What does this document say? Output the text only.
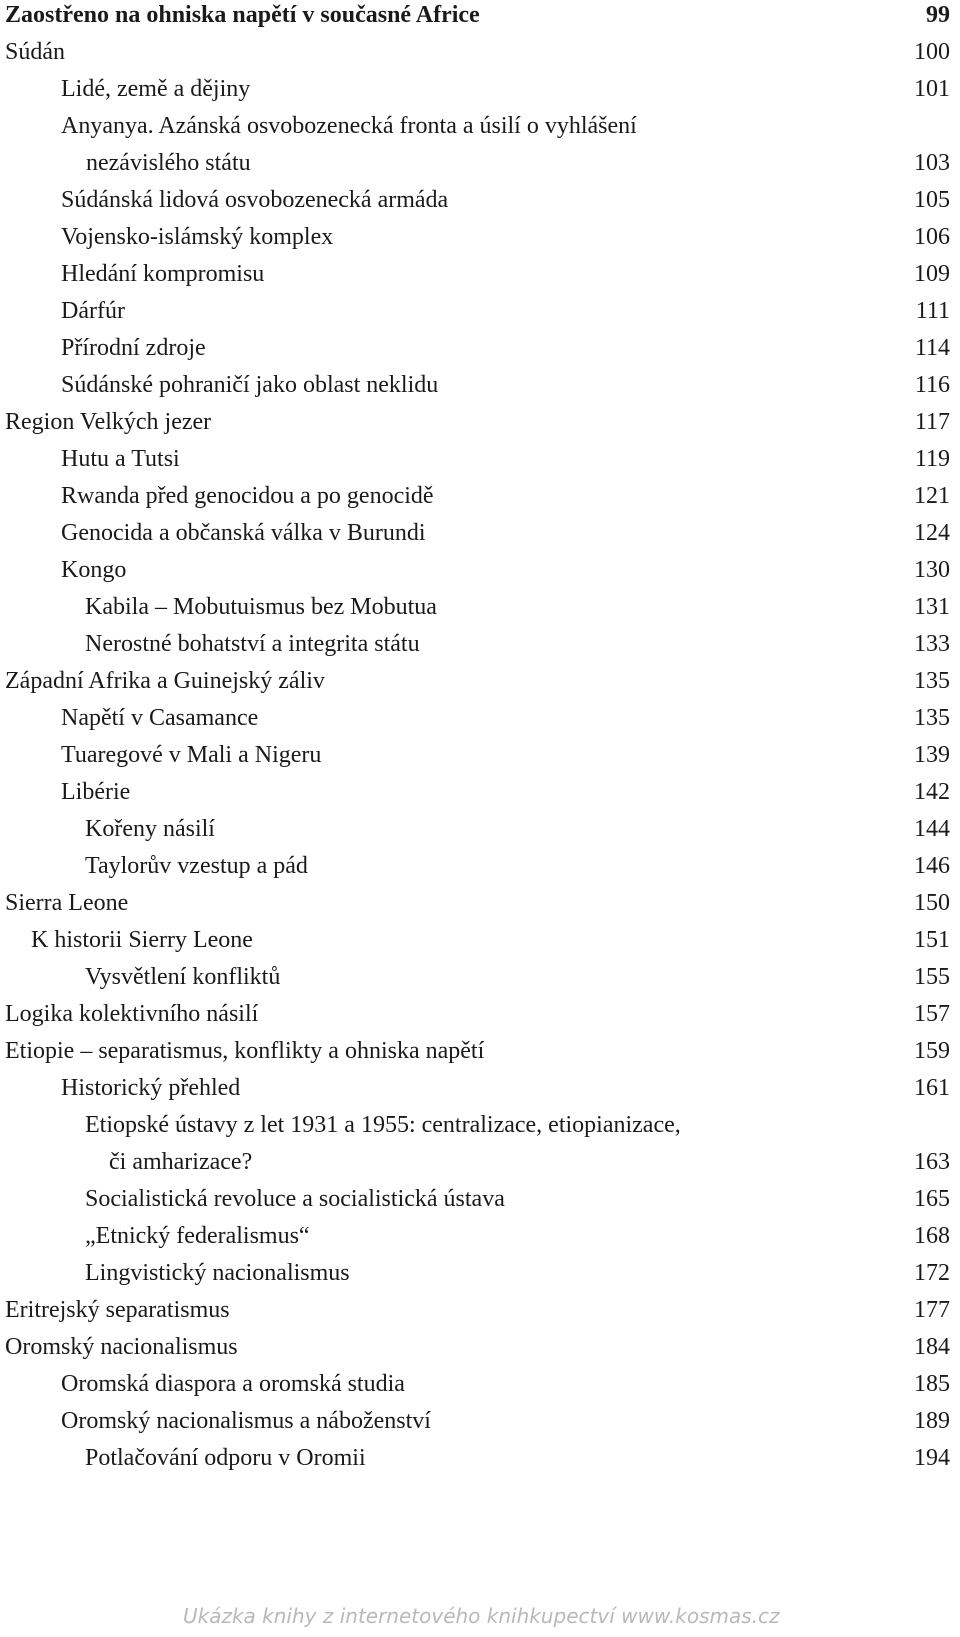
Zaostřeno na ohniska napětí v současné Africe	99
Súdán	100
Lidé, země a dějiny	101
Anyanya. Azánská osvobozenecká fronta a úsilí o vyhlášení
nezávislého státu	103
Súdánská lidová osvobozenecká armáda	105
Vojensko-islámský komplex	106
Hledání kompromisu	109
Dárfúr	111
Přírodní zdroje	114
Súdánské pohraničí jako oblast neklidu	116
Region Velkých jezer	117
Hutu a Tutsi	119
Rwanda před genocidou a po genocidě	121
Genocida a občanská válka v Burundi	124
Kongo	130
Kabila – Mobutuismus bez Mobutua	131
Nerostné bohatství a integrita státu	133
Západní Afrika a Guinejský záliv	135
Napětí v Casamance	135
Tuaregové v Mali a Nigeru	139
Libérie	142
Kořeny násilí	144
Taylorův vzestup a pád	146
Sierra Leone	150
K historii Sierry Leone	151
Vysvětlení konfliktů	155
Logika kolektivního násilí	157
Etiopie – separatismus, konflikty a ohniska napětí	159
Historický přehled	161
Etiopské ústavy z let 1931 a 1955: centralizace, etiopianizace,
či amharizace?	163
Socialistická revoluce a socialistická ústava	165
„Etnický federalismus“	168
Lingvistický nacionalismus	172
Eritrejský separatismus	177
Oromský nacionalismus	184
Oromská diaspora a oromská studia	185
Oromský nacionalismus a náboženství	189
Potlačování odporu v Oromii	194
Ukázka knihy z internetového knihkupectví www.kosmas.cz
